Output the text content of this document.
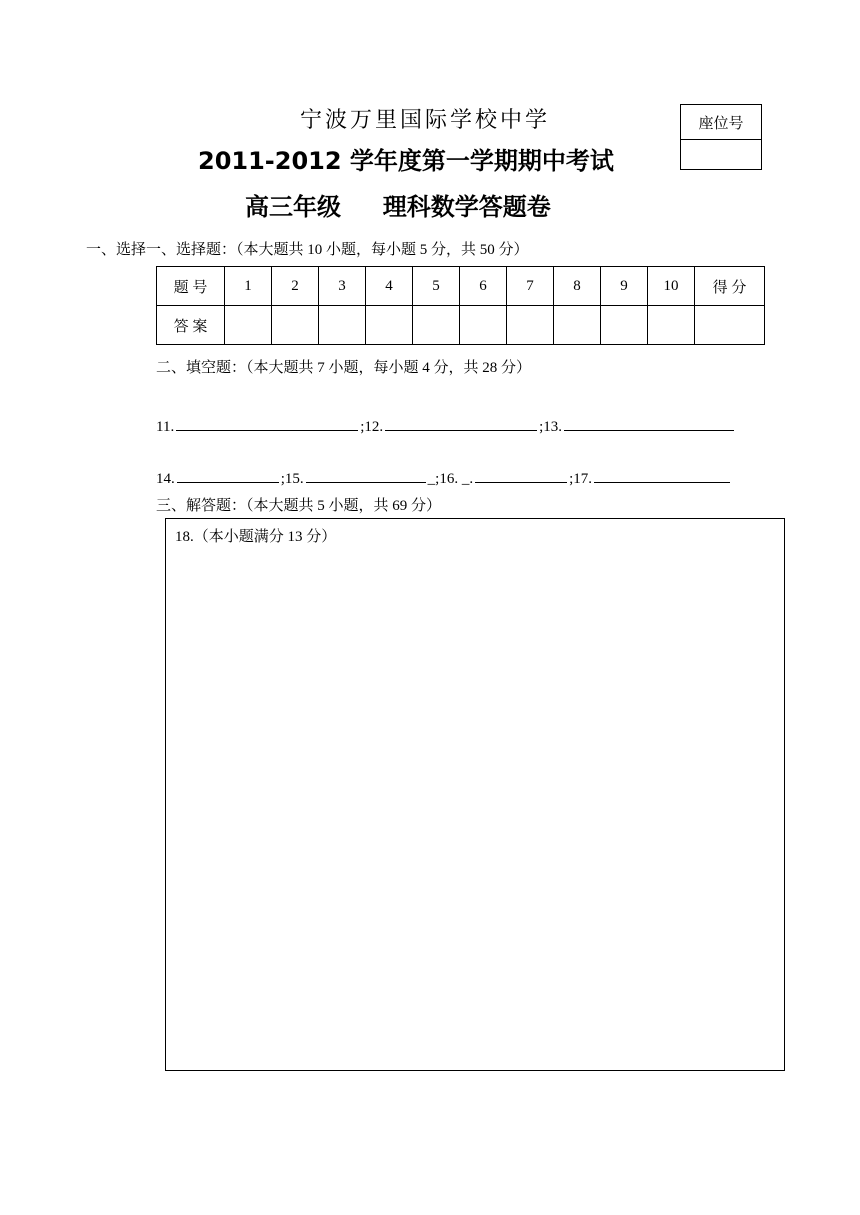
宁波万里国际学校中学
2011-2012 学年度第一学期期中考试
高三年级     理科数学答题卷
座位号
一、选择一、选择题：（本大题共 10 小题，每小题 5 分，共 50 分）
题 号	1	2	3	4	5	6	7	8	9	10	得 分
答 案											
二、填空题：（本大题共 7 小题，每小题 4 分，共 28 分）
11.	;12.	;13.
14.	;15.	_;16. _.	;17.
三、解答题：（本大题共 5 小题，共 69 分）
18.（本小题满分 13 分）
